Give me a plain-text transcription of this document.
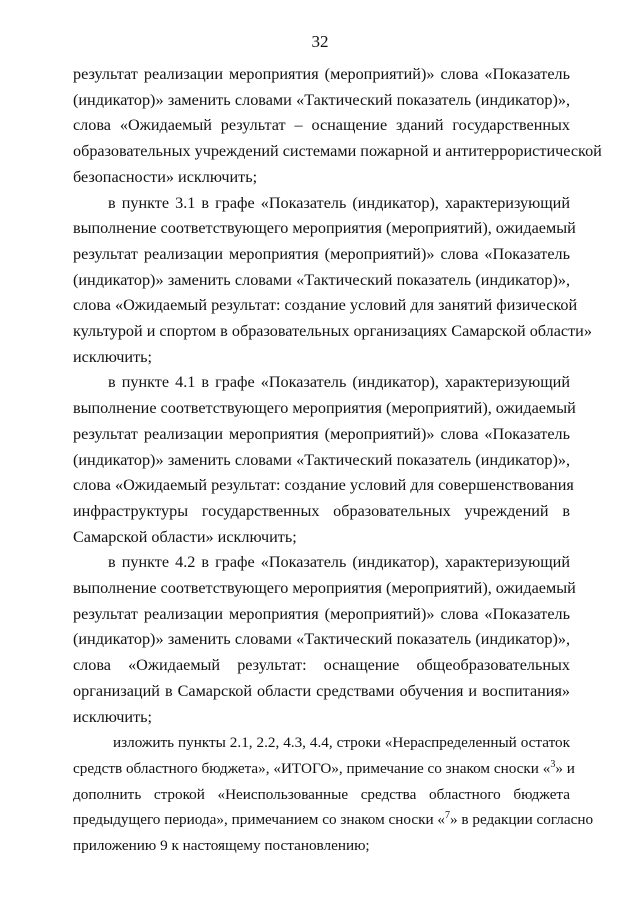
32
результат реализации мероприятия (мероприятий)» слова «Показатель
(индикатор)» заменить словами «Тактический показатель (индикатор)»,
слова «Ожидаемый результат – оснащение зданий государственных
образовательных учреждений системами пожарной и антитеррористической
безопасности» исключить;
в пункте 3.1 в графе «Показатель (индикатор), характеризующий
выполнение соответствующего мероприятия (мероприятий), ожидаемый
результат реализации мероприятия (мероприятий)» слова «Показатель
(индикатор)» заменить словами «Тактический показатель (индикатор)»,
слова «Ожидаемый результат: создание условий для занятий физической
культурой и спортом в образовательных организациях Самарской области»
исключить;
в пункте 4.1 в графе «Показатель (индикатор), характеризующий
выполнение соответствующего мероприятия (мероприятий), ожидаемый
результат реализации мероприятия (мероприятий)» слова «Показатель
(индикатор)» заменить словами «Тактический показатель (индикатор)»,
слова «Ожидаемый результат: создание условий для совершенствования
инфраструктуры государственных образовательных учреждений в
Самарской области» исключить;
в пункте 4.2 в графе «Показатель (индикатор), характеризующий
выполнение соответствующего мероприятия (мероприятий), ожидаемый
результат реализации мероприятия (мероприятий)» слова «Показатель
(индикатор)» заменить словами «Тактический показатель (индикатор)»,
слова «Ожидаемый результат: оснащение общеобразовательных
организаций в Самарской области средствами обучения и воспитания»
исключить;
изложить пункты 2.1, 2.2, 4.3, 4.4, строки «Нераспределенный остаток
средств областного бюджета», «ИТОГО», примечание со знаком сноски «$^3$» и
дополнить строкой «Неиспользованные средства областного бюджета
предыдущего периода», примечанием со знаком сноски «$^7$» в редакции согласно
приложению 9 к настоящему постановлению;
